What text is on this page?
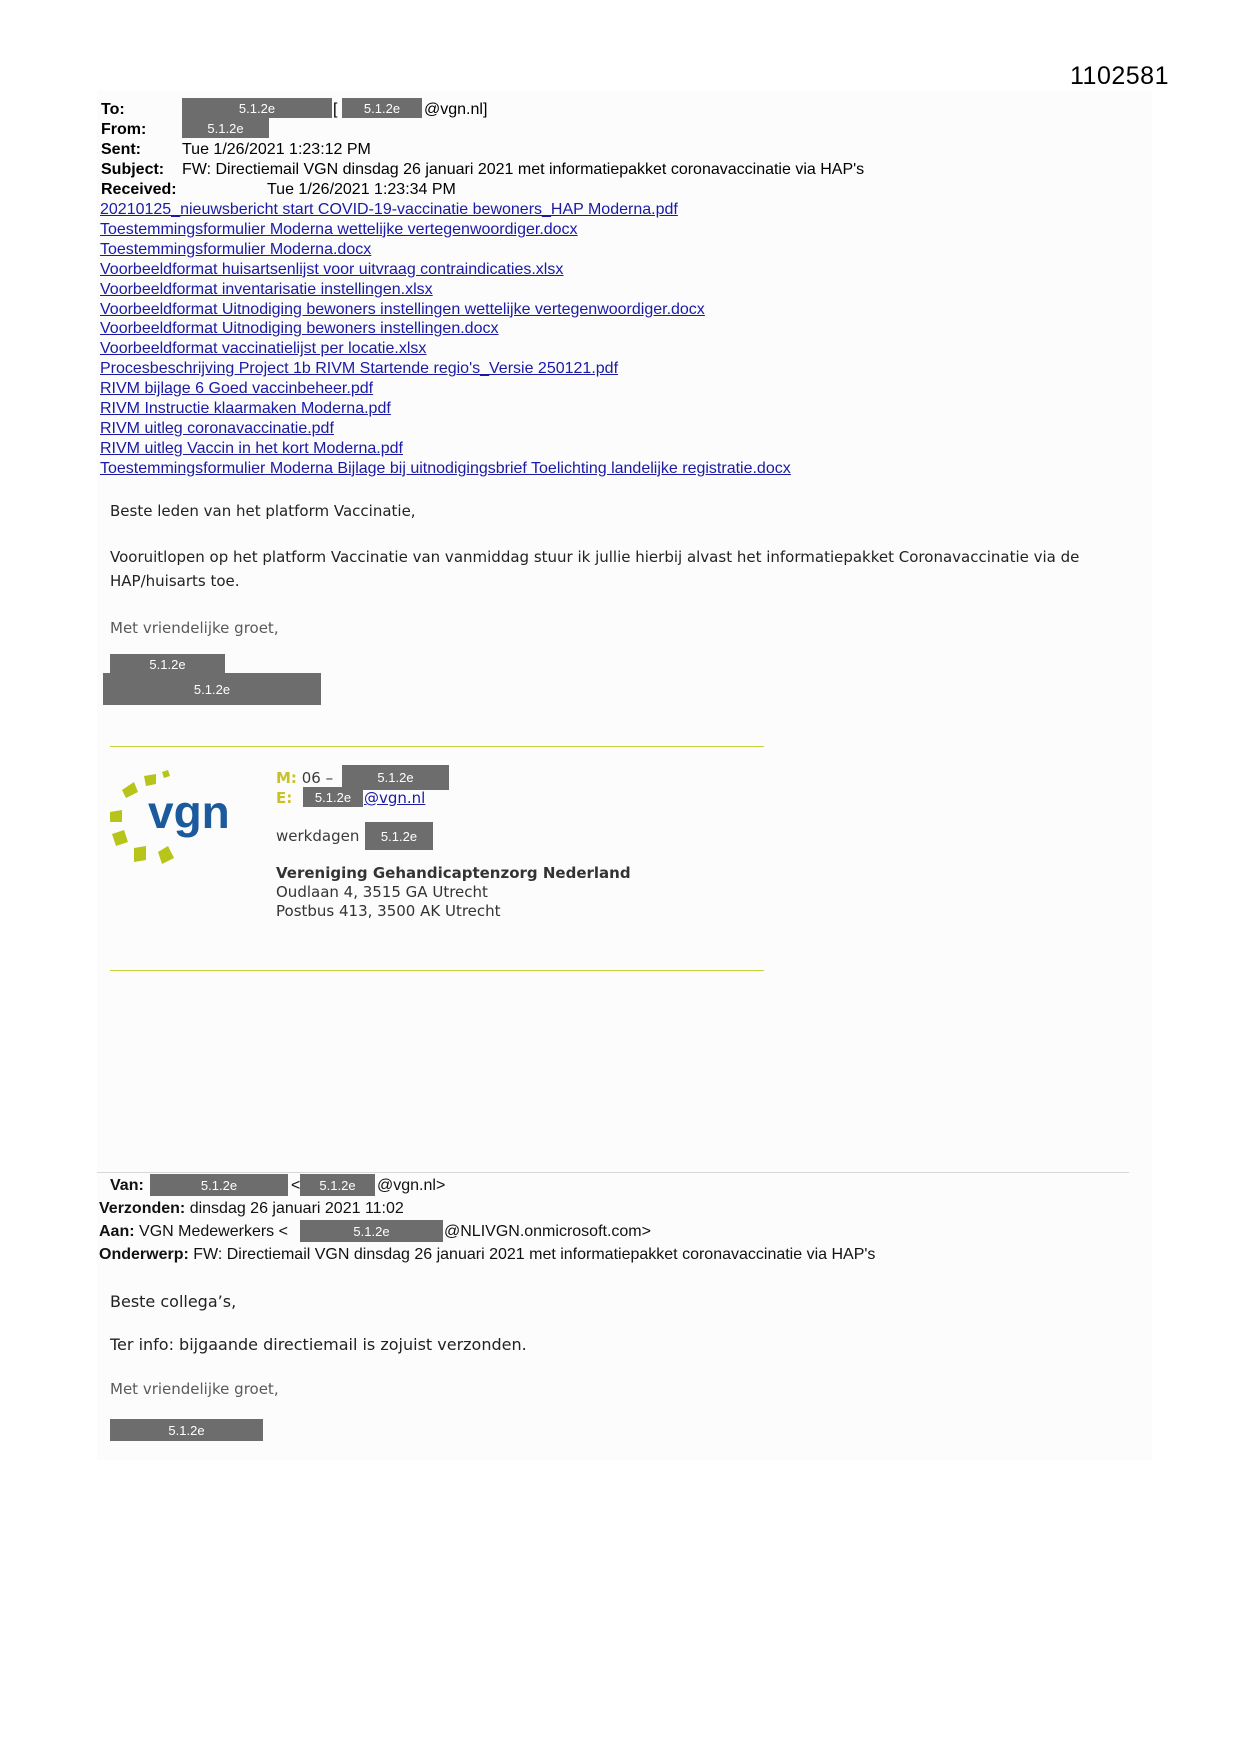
1102581
To:	5.1.2e	[	5.1.2e	@vgn.nl]
From:	5.1.2e
Sent:	Tue 1/26/2021 1:23:12 PM
Subject: FW: Directiemail VGN dinsdag 26 januari 2021 met informatiepakket coronavaccinatie via HAP's
Received:	Tue 1/26/2021 1:23:34 PM
20210125_nieuwsbericht start COVID-19-vaccinatie bewoners_HAP Moderna.pdf
Toestemmingsformulier Moderna wettelijke vertegenwoordiger.docx
Toestemmingsformulier Moderna.docx
Voorbeeldformat huisartsenlijst voor uitvraag contraindicaties.xlsx
Voorbeeldformat inventarisatie instellingen.xlsx
Voorbeeldformat Uitnodiging bewoners instellingen wettelijke vertegenwoordiger.docx
Voorbeeldformat Uitnodiging bewoners instellingen.docx
Voorbeeldformat vaccinatielijst per locatie.xlsx
Procesbeschrijving Project 1b RIVM Startende regio's_Versie 250121.pdf
RIVM bijlage 6 Goed vaccinbeheer.pdf
RIVM Instructie klaarmaken Moderna.pdf
RIVM uitleg coronavaccinatie.pdf
RIVM uitleg Vaccin in het kort Moderna.pdf
Toestemmingsformulier Moderna Bijlage bij uitnodigingsbrief Toelichting landelijke registratie.docx
Beste leden van het platform Vaccinatie,
Vooruitlopen op het platform Vaccinatie van vanmiddag stuur ik jullie hierbij alvast het informatiepakket Coronavaccinatie via de HAP/huisarts toe.
Met vriendelijke groet,
5.1.2e
5.1.2e
vgn
M: 06 –	5.1.2e
E:	5.1.2e @vgn.nl
werkdagen	5.1.2e
Vereniging Gehandicaptenzorg Nederland
Oudlaan 4, 3515 GA Utrecht
Postbus 413, 3500 AK Utrecht
Van:	5.1.2e	<	5.1.2e	@vgn.nl>
Verzonden: dinsdag 26 januari 2021 11:02
Aan: VGN Medewerkers <	5.1.2e	@NLIVGN.onmicrosoft.com>
Onderwerp: FW: Directiemail VGN dinsdag 26 januari 2021 met informatiepakket coronavaccinatie via HAP's
Beste collega’s,
Ter info: bijgaande directiemail is zojuist verzonden.
Met vriendelijke groet,
5.1.2e
